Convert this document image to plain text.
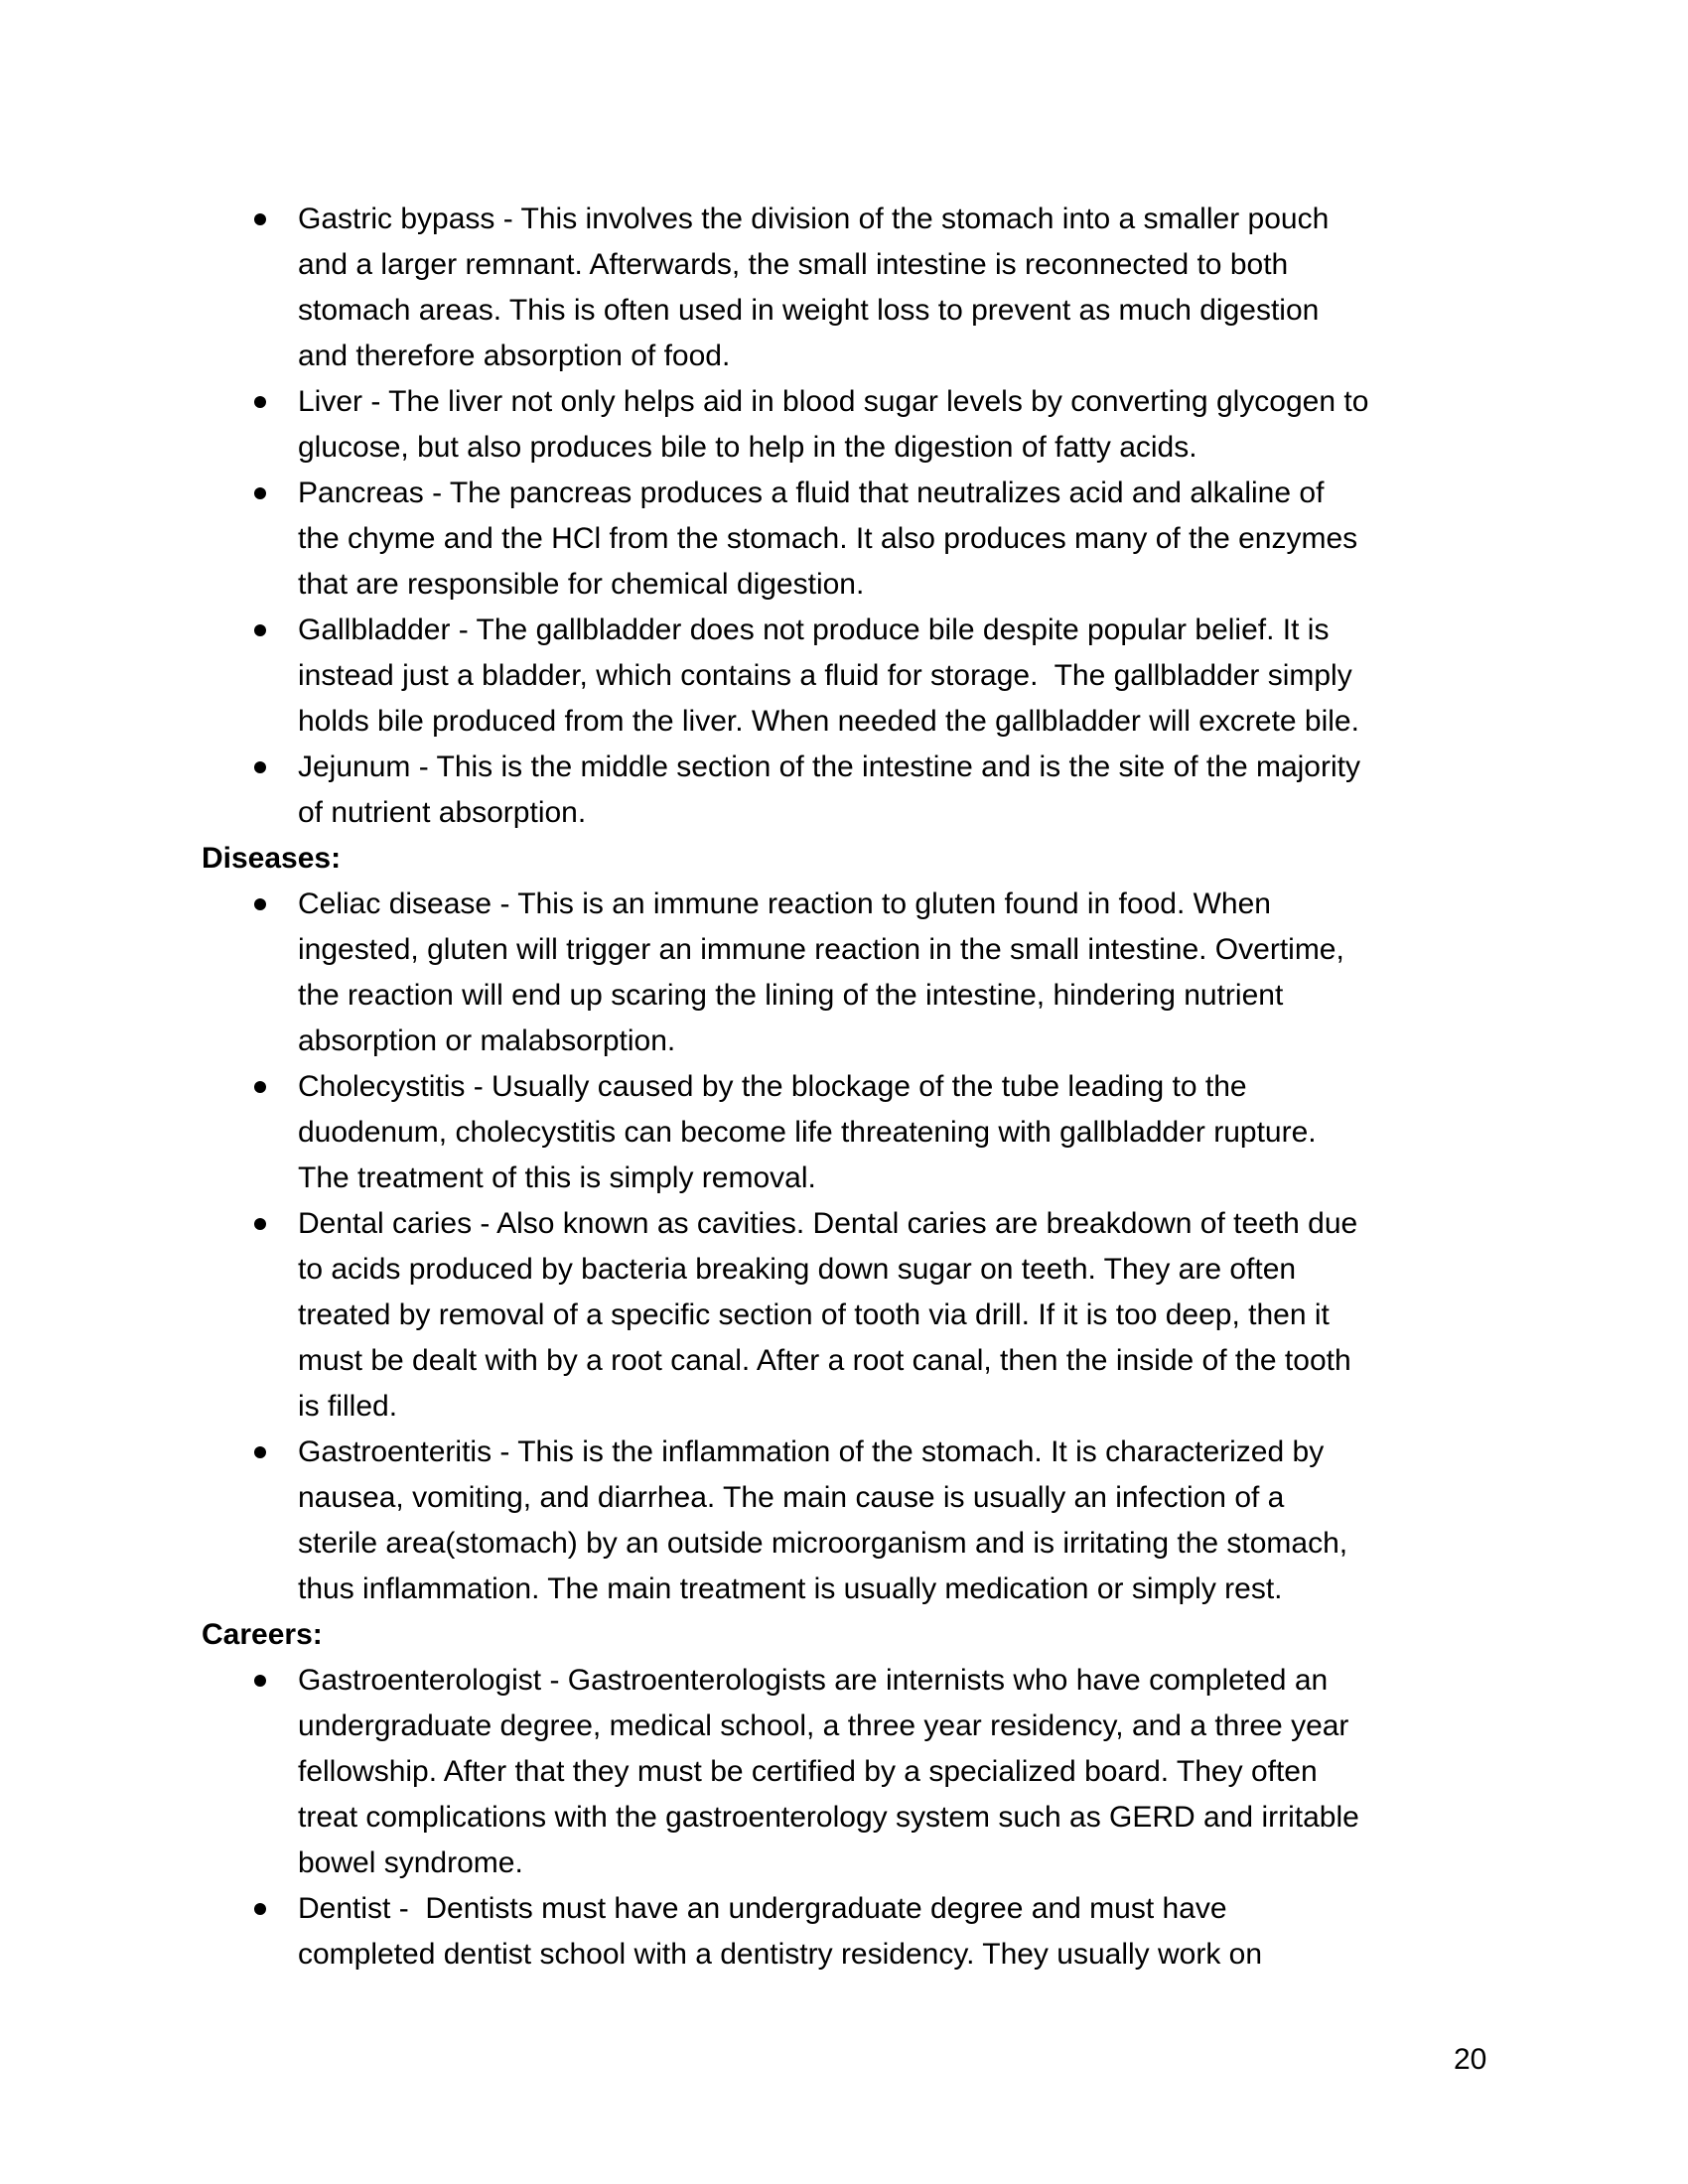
Gastric bypass - This involves the division of the stomach into a smaller pouch
and a larger remnant. Afterwards, the small intestine is reconnected to both
stomach areas. This is often used in weight loss to prevent as much digestion
and therefore absorption of food.
Liver - The liver not only helps aid in blood sugar levels by converting glycogen to
glucose, but also produces bile to help in the digestion of fatty acids.
Pancreas - The pancreas produces a fluid that neutralizes acid and alkaline of
the chyme and the HCl from the stomach. It also produces many of the enzymes
that are responsible for chemical digestion.
Gallbladder - The gallbladder does not produce bile despite popular belief. It is
instead just a bladder, which contains a fluid for storage.  The gallbladder simply
holds bile produced from the liver. When needed the gallbladder will excrete bile.
Jejunum - This is the middle section of the intestine and is the site of the majority
of nutrient absorption.
Diseases:
Celiac disease - This is an immune reaction to gluten found in food. When
ingested, gluten will trigger an immune reaction in the small intestine. Overtime,
the reaction will end up scaring the lining of the intestine, hindering nutrient
absorption or malabsorption.
Cholecystitis - Usually caused by the blockage of the tube leading to the
duodenum, cholecystitis can become life threatening with gallbladder rupture.
The treatment of this is simply removal.
Dental caries - Also known as cavities. Dental caries are breakdown of teeth due
to acids produced by bacteria breaking down sugar on teeth. They are often
treated by removal of a specific section of tooth via drill. If it is too deep, then it
must be dealt with by a root canal. After a root canal, then the inside of the tooth
is filled.
Gastroenteritis - This is the inflammation of the stomach. It is characterized by
nausea, vomiting, and diarrhea. The main cause is usually an infection of a
sterile area(stomach) by an outside microorganism and is irritating the stomach,
thus inflammation. The main treatment is usually medication or simply rest.
Careers:
Gastroenterologist - Gastroenterologists are internists who have completed an
undergraduate degree, medical school, a three year residency, and a three year
fellowship. After that they must be certified by a specialized board. They often
treat complications with the gastroenterology system such as GERD and irritable
bowel syndrome.
Dentist -  Dentists must have an undergraduate degree and must have
completed dentist school with a dentistry residency. They usually work on
20
